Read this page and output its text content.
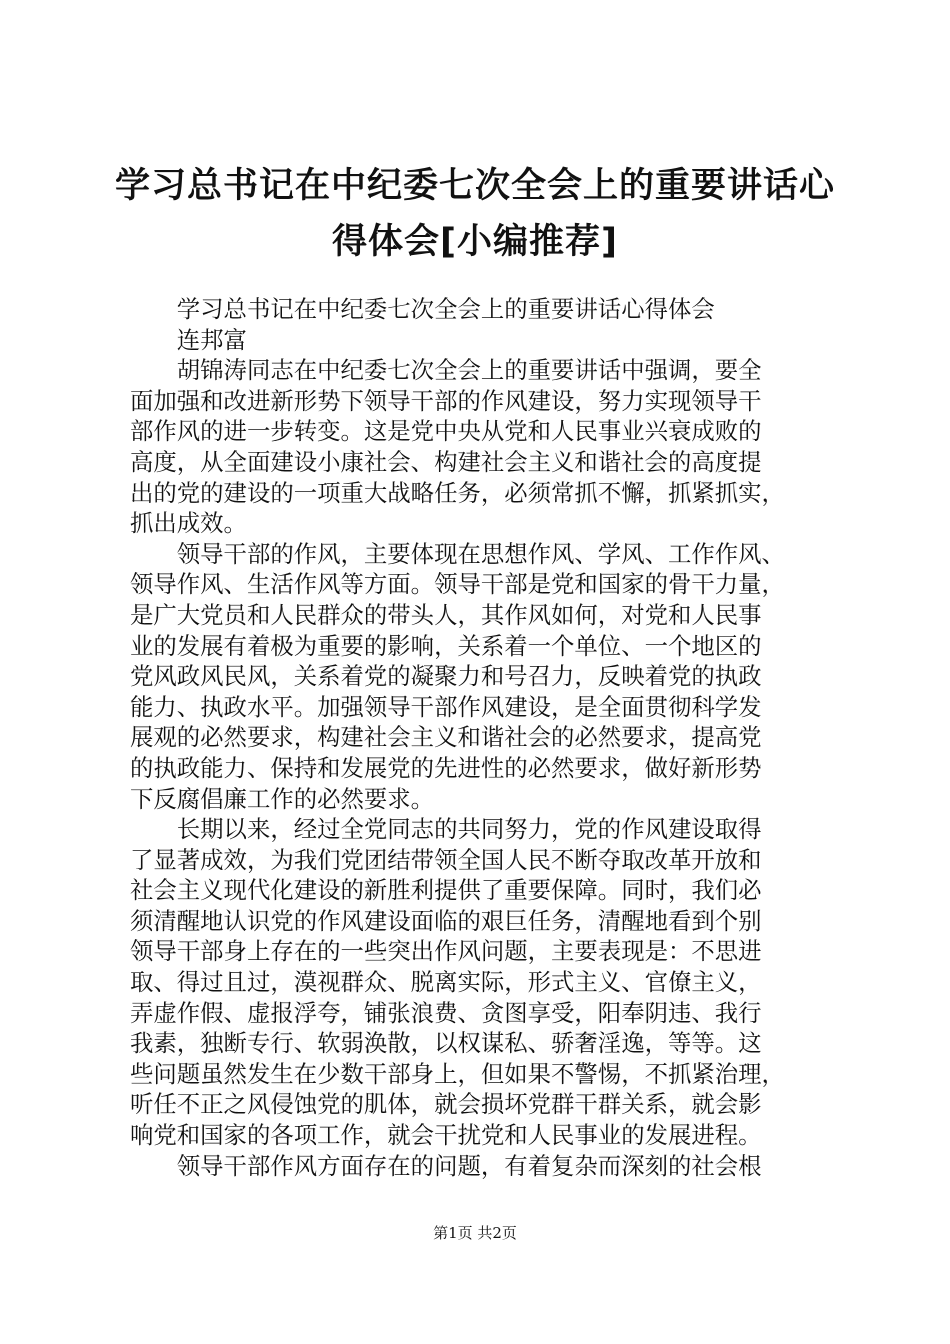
学习总书记在中纪委七次全会上的重要讲话心
得体会[小编推荐]
　　学习总书记在中纪委七次全会上的重要讲话心得体会
　　连邦富
　　胡锦涛同志在中纪委七次全会上的重要讲话中强调，要全
面加强和改进新形势下领导干部的作风建设，努力实现领导干
部作风的进一步转变。这是党中央从党和人民事业兴衰成败的
高度，从全面建设小康社会、构建社会主义和谐社会的高度提
出的党的建设的一项重大战略任务，必须常抓不懈，抓紧抓实，
抓出成效。
　　领导干部的作风，主要体现在思想作风、学风、工作作风、
领导作风、生活作风等方面。领导干部是党和国家的骨干力量，
是广大党员和人民群众的带头人，其作风如何，对党和人民事
业的发展有着极为重要的影响，关系着一个单位、一个地区的
党风政风民风，关系着党的凝聚力和号召力，反映着党的执政
能力、执政水平。加强领导干部作风建设，是全面贯彻科学发
展观的必然要求，构建社会主义和谐社会的必然要求，提高党
的执政能力、保持和发展党的先进性的必然要求，做好新形势
下反腐倡廉工作的必然要求。
　　长期以来，经过全党同志的共同努力，党的作风建设取得
了显著成效，为我们党团结带领全国人民不断夺取改革开放和
社会主义现代化建设的新胜利提供了重要保障。同时，我们必
须清醒地认识党的作风建设面临的艰巨任务，清醒地看到个别
领导干部身上存在的一些突出作风问题，主要表现是：不思进
取、得过且过，漠视群众、脱离实际，形式主义、官僚主义，
弄虚作假、虚报浮夸，铺张浪费、贪图享受，阳奉阴违、我行
我素，独断专行、软弱涣散，以权谋私、骄奢淫逸，等等。这
些问题虽然发生在少数干部身上，但如果不警惕，不抓紧治理，
听任不正之风侵蚀党的肌体，就会损坏党群干群关系，就会影
响党和国家的各项工作，就会干扰党和人民事业的发展进程。
　　领导干部作风方面存在的问题，有着复杂而深刻的社会根
第1页 共2页
